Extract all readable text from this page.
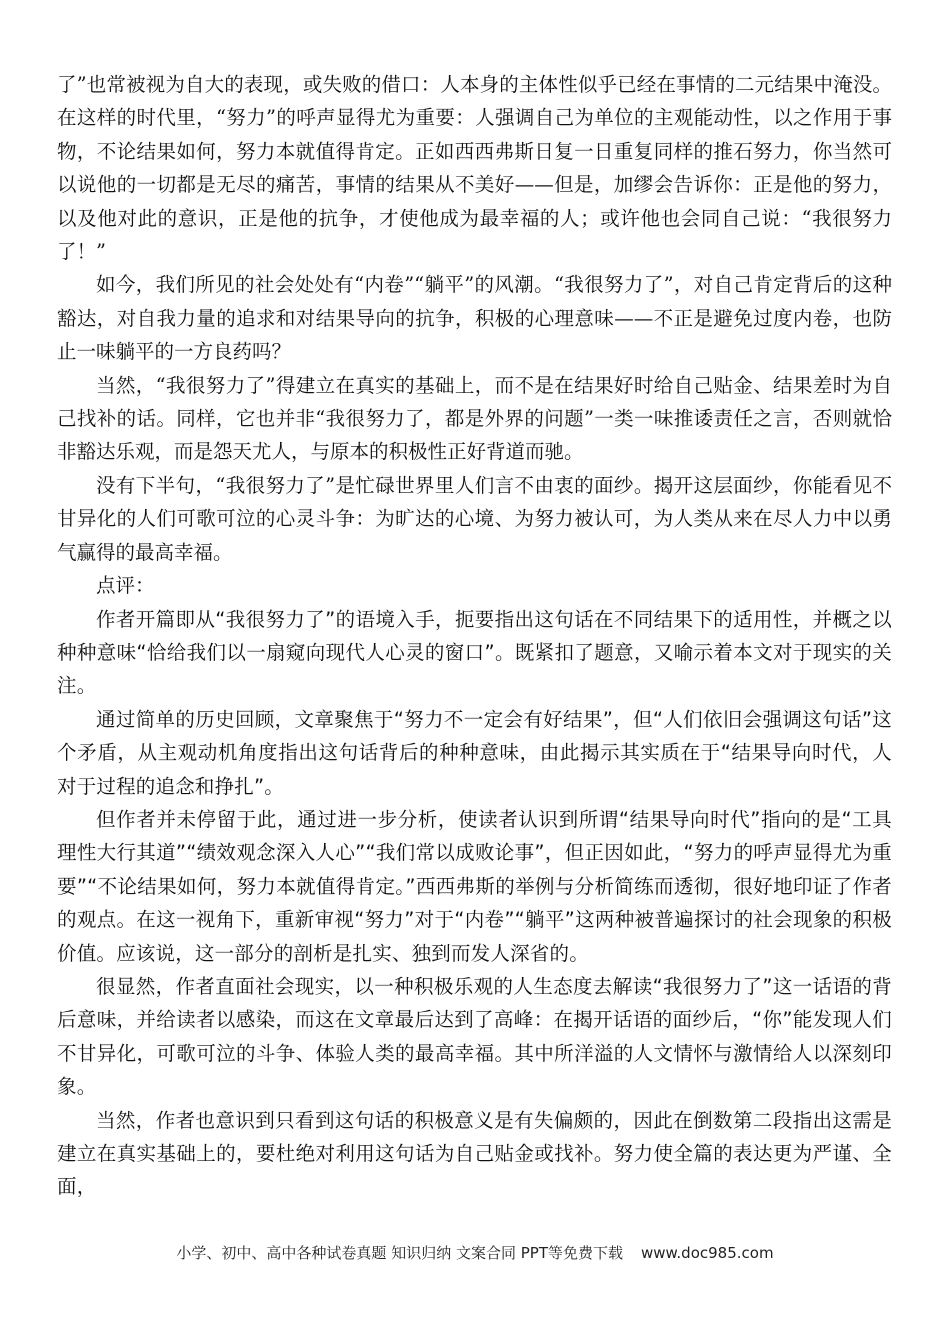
了”也常被视为自大的表现，或失败的借口：人本身的主体性似乎已经在事情的二元结果中淹没。在这样的时代里，“努力”的呼声显得尤为重要：人强调自己为单位的主观能动性，以之作用于事物，不论结果如何，努力本就值得肯定。正如西西弗斯日复一日重复同样的推石努力，你当然可以说他的一切都是无尽的痛苦，事情的结果从不美好——但是，加缪会告诉你：正是他的努力，以及他对此的意识，正是他的抗争，才使他成为最幸福的人；或许他也会同自己说：“我很努力了！”

如今，我们所见的社会处处有“内卷”“躺平”的风潮。“我很努力了”，对自己肯定背后的这种豁达，对自我力量的追求和对结果导向的抗争，积极的心理意味——不正是避免过度内卷，也防止一味躺平的一方良药吗？

当然，“我很努力了”得建立在真实的基础上，而不是在结果好时给自己贴金、结果差时为自己找补的话。同样，它也并非“我很努力了，都是外界的问题”一类一味推诿责任之言，否则就恰非豁达乐观，而是怨天尤人，与原本的积极性正好背道而驰。

没有下半句，“我很努力了”是忙碌世界里人们言不由衷的面纱。揭开这层面纱，你能看见不甘异化的人们可歌可泣的心灵斗争：为旷达的心境、为努力被认可，为人类从来在尽人力中以勇气赢得的最高幸福。

点评：

作者开篇即从“我很努力了”的语境入手，扼要指出这句话在不同结果下的适用性，并概之以种种意味“恰给我们以一扇窥向现代人心灵的窗口”。既紧扣了题意，又喻示着本文对于现实的关注。

通过简单的历史回顾，文章聚焦于“努力不一定会有好结果”，但“人们依旧会强调这句话”这个矛盾，从主观动机角度指出这句话背后的种种意味，由此揭示其实质在于“结果导向时代，人对于过程的追念和挣扎”。

但作者并未停留于此，通过进一步分析，使读者认识到所谓“结果导向时代”指向的是“工具理性大行其道”“绩效观念深入人心”“我们常以成败论事”，但正因如此，“努力的呼声显得尤为重要”“不论结果如何，努力本就值得肯定。”西西弗斯的举例与分析简练而透彻，很好地印证了作者的观点。在这一视角下，重新审视“努力”对于“内卷”“躺平”这两种被普遍探讨的社会现象的积极价值。应该说，这一部分的剖析是扎实、独到而发人深省的。

很显然，作者直面社会现实，以一种积极乐观的人生态度去解读“我很努力了”这一话语的背后意味，并给读者以感染，而这在文章最后达到了高峰：在揭开话语的面纱后，“你”能发现人们不甘异化，可歌可泣的斗争、体验人类的最高幸福。其中所洋溢的人文情怀与激情给人以深刻印象。

当然，作者也意识到只看到这句话的积极意义是有失偏颇的，因此在倒数第二段指出这需是建立在真实基础上的，要杜绝对利用这句话为自己贴金或找补。努力使全篇的表达更为严谨、全面，

小学、初中、高中各种试卷真题 知识归纳 文案合同 PPT等免费下载 www.doc985.com
